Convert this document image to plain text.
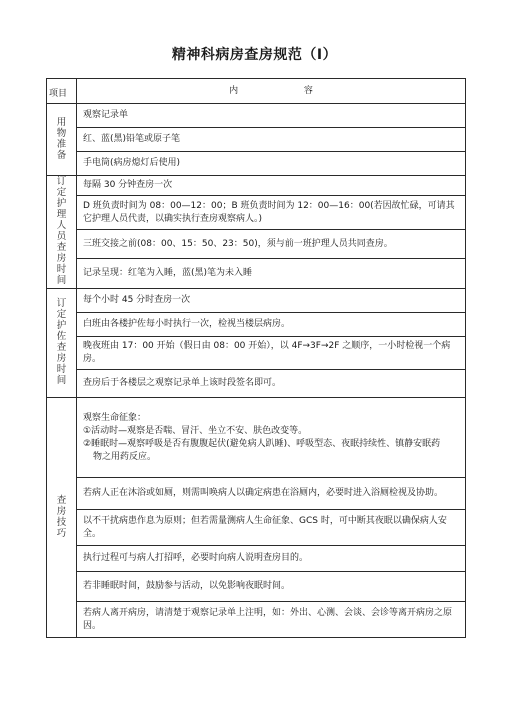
精神科病房查房规范（I）
项目	内 容
用物准备	观察记录单
	红、蓝(黑)铅笔或原子笔
	手电筒(病房熄灯后使用)
订定护理人员查房时间	每隔 30 分钟查房一次
	D 班负责时间为 08：00—12：00；B 班负责时间为 12：00—16：00(若因故忙碌，可请其它护理人员代责，以确实执行查房观察病人。)
	三班交接之前(08：00、15：50、23：50)，须与前一班护理人员共同查房。
	记录呈现：红笔为入睡，蓝(黑)笔为未入睡
订定护佐查房时间	每个小时 45 分时查房一次
	白班由各楼护佐每小时执行一次，检视当楼层病房。
	晚夜班由 17：00 开始（假日由 08：00 开始），以 4F→3F→2F 之顺序，一小时检视一个病房。
	查房后于各楼层之观察记录单上该时段签名即可。
查房技巧	观察生命征象：

①活动时—观察是否喘、冒汗、坐立不安、肤色改变等。

②睡眠时—观察呼吸是否有腹腹起伏(避免病人趴睡)、呼吸型态、夜眠持续性、镇静安眠药

物之用药反应。

	若病人正在沐浴或如厕，则需叫唤病人以确定病患在浴厕内，必要时进入浴厕检视及协助。
	以不干扰病患作息为原则；但若需量测病人生命征象、GCS 时，可中断其夜眠以确保病人安全。
	执行过程可与病人打招呼，必要时向病人说明查房目的。
	若非睡眠时间，鼓励参与活动，以免影响夜眠时间。
	若病人离开病房，请清楚于观察记录单上注明，如：外出、心测、会谈、会诊等离开病房之原因。
